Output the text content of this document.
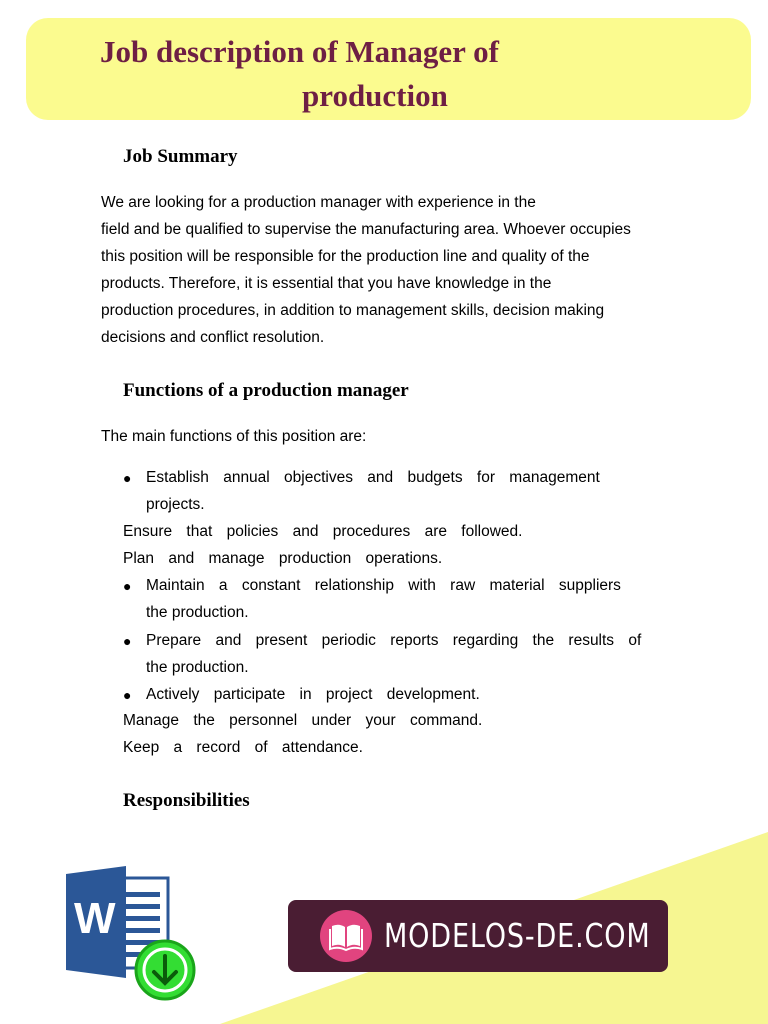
Job description of Manager of
production
Job Summary
We are looking for a production manager with experience in the
field and be qualified to supervise the manufacturing area. Whoever occupies
this position will be responsible for the production line and quality of the
products. Therefore, it is essential that you have knowledge in the
production procedures, in addition to management skills, decision making
decisions and conflict resolution.
Functions of a production manager
The main functions of this position are:
● Establish annual objectives and budgets for management
projects.
Ensure that policies and procedures are followed.
Plan and manage production operations.
● Maintain a constant relationship with raw material suppliers
the production.
● Prepare and present periodic reports regarding the results of
the production.
● Actively participate in project development.
Manage the personnel under your command.
Keep a record of attendance.
Responsibilities
W	MODELOS-DE.COM
